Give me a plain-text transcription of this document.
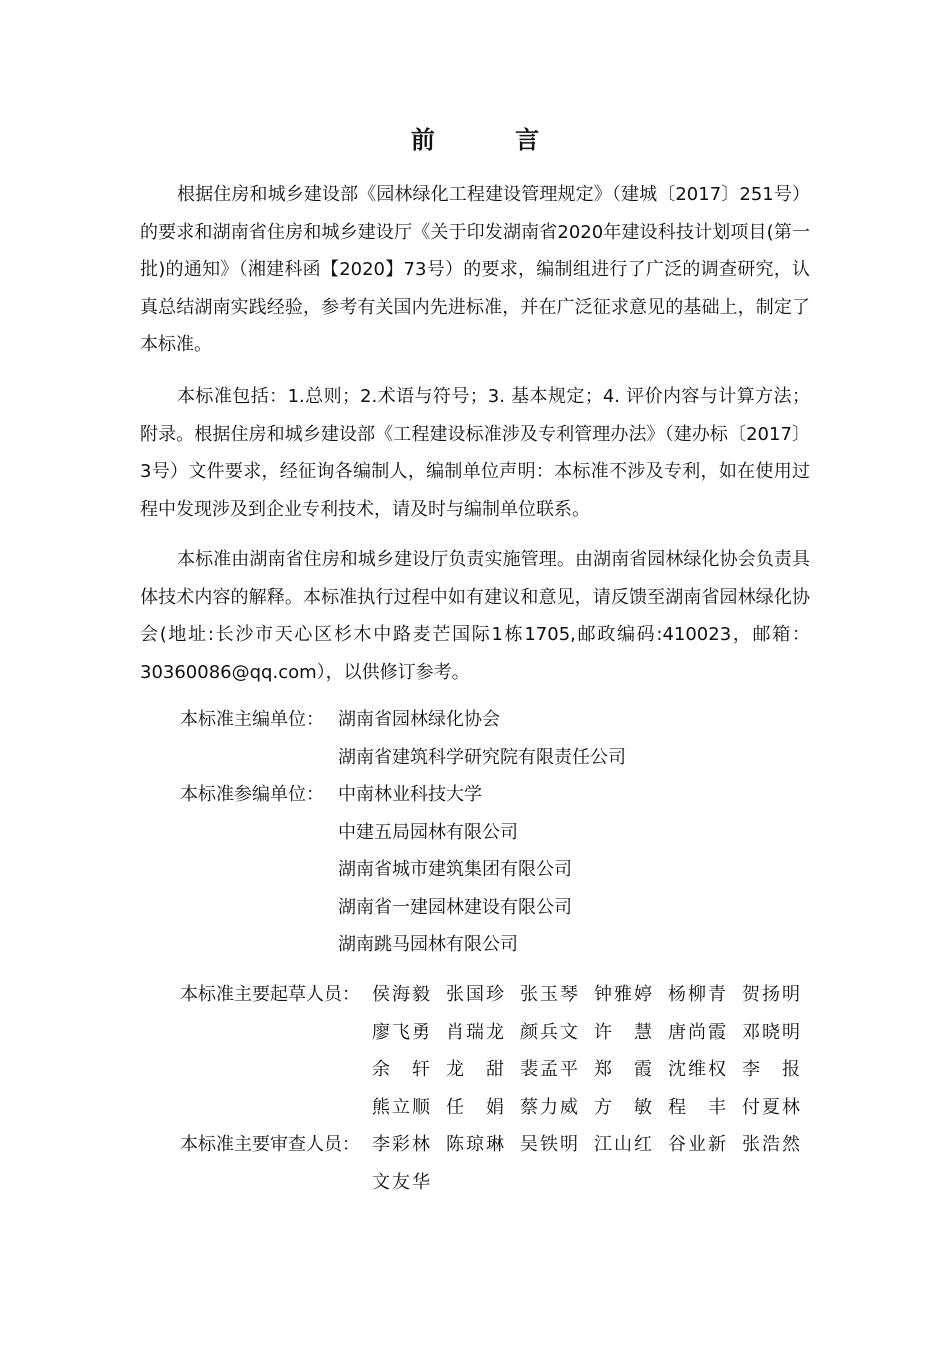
前 言

根据住房和城乡建设部《园林绿化工程建设管理规定》（建城〔2017〕251号）的要求和湖南省住房和城乡建设厅《关于印发湖南省2020年建设科技计划项目(第一批)的通知》（湘建科函【2020】73号）的要求，编制组进行了广泛的调查研究，认真总结湖南实践经验，参考有关国内先进标准，并在广泛征求意见的基础上，制定了本标准。

本标准包括：1.总则；2.术语与符号；3. 基本规定；4. 评价内容与计算方法；附录。根据住房和城乡建设部《工程建设标准涉及专利管理办法》（建办标〔2017〕3号）文件要求，经征询各编制人，编制单位声明：本标准不涉及专利，如在使用过程中发现涉及到企业专利技术，请及时与编制单位联系。

本标准由湖南省住房和城乡建设厅负责实施管理。由湖南省园林绿化协会负责具体技术内容的解释。本标准执行过程中如有建议和意见，请反馈至湖南省园林绿化协会(地址:长沙市天心区杉木中路麦芒国际1栋1705,邮政编码:410023，邮箱：30360086@qq.com），以供修订参考。

本标准主编单位： 湖南省园林绿化协会
湖南省建筑科学研究院有限责任公司
本标准参编单位： 中南林业科技大学
中建五局园林有限公司
湖南省城市建筑集团有限公司
湖南省一建园林建设有限公司
湖南跳马园林有限公司
本标准主要起草人员： 侯海毅 张国珍 张玉琴 钟雅婷 杨柳青 贺扬明
廖飞勇 肖瑞龙 颜兵文 许慧 唐尚霞 邓晓明
余轩 龙甜 裴孟平 郑霞 沈维权 李报
熊立顺 任娟 蔡力威 方敏 程丰 付夏林
本标准主要审查人员： 李彩林 陈琼琳 吴铁明 江山红 谷业新 张浩然
文友华
